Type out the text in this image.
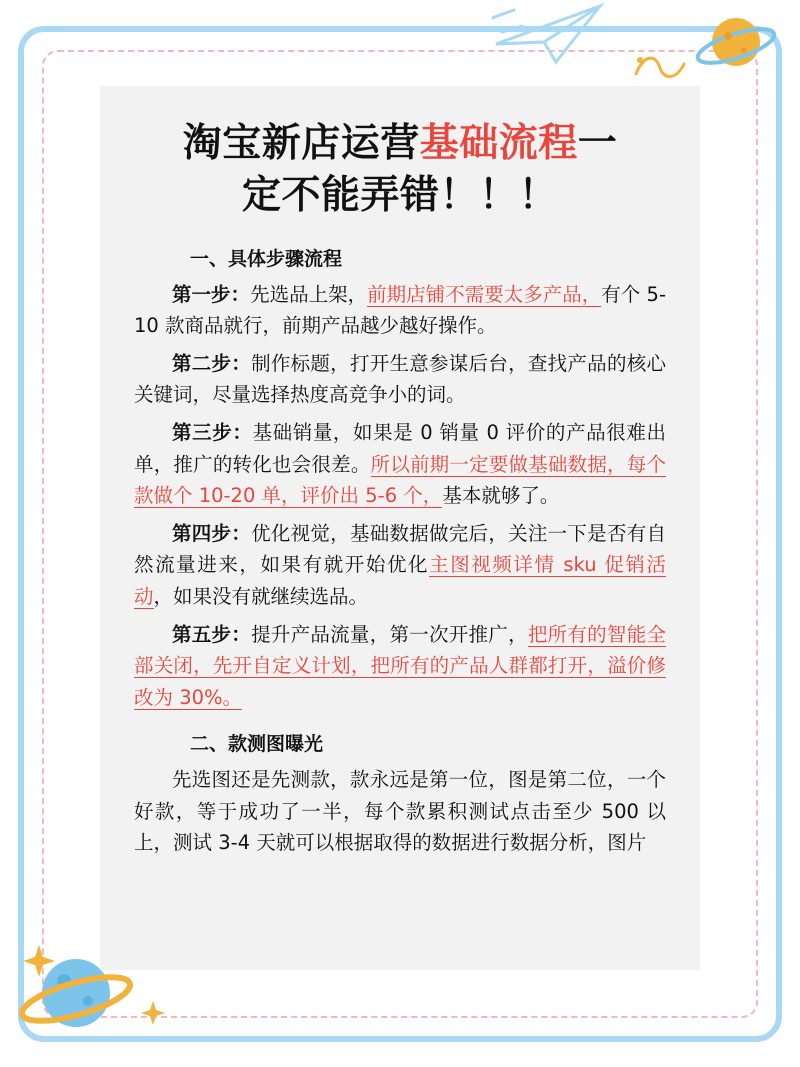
淘宝新店运营基础流程一
定不能弄错！！！
一、具体步骤流程

第一步：先选品上架，前期店铺不需要太多产品，有个 5-10 款商品就行，前期产品越少越好操作。

第二步：制作标题，打开生意参谋后台，查找产品的核心关键词，尽量选择热度高竞争小的词。

第三步：基础销量，如果是 0 销量 0 评价的产品很难出单，推广的转化也会很差。所以前期一定要做基础数据，每个款做个 10-20 单，评价出 5-6 个，基本就够了。

第四步：优化视觉，基础数据做完后，关注一下是否有自然流量进来，如果有就开始优化主图视频详情 sku 促销活动，如果没有就继续选品。

第五步：提升产品流量，第一次开推广，把所有的智能全部关闭，先开自定义计划，把所有的产品人群都打开，溢价修改为 30%。

二、款测图曝光

先选图还是先测款，款永远是第一位，图是第二位，一个好款，等于成功了一半，每个款累积测试点击至少 500 以上，测试 3-4 天就可以根据取得的数据进行数据分析，图片
